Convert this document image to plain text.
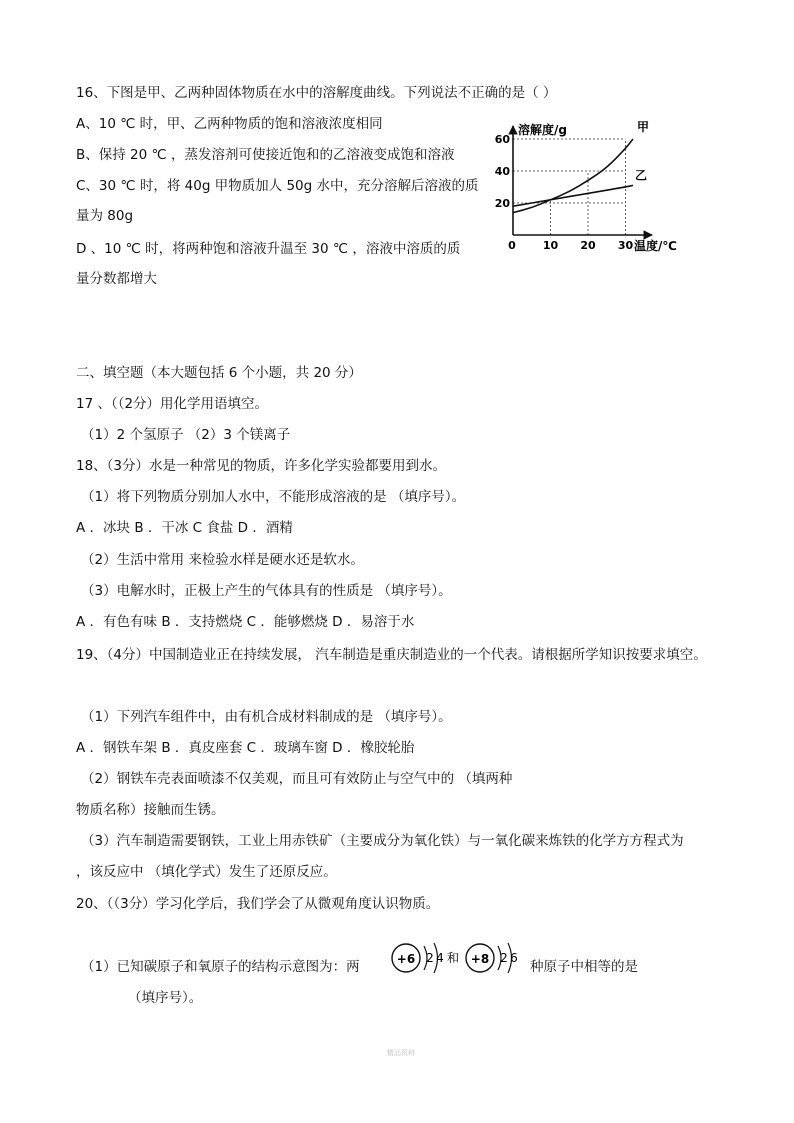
16、下图是甲、乙两种固体物质在水中的溶解度曲线。下列说法不正确的是（ ）
A、10 ℃ 时，甲、乙两种物质的饱和溶液浓度相同
B、保持 20 ℃ ，蒸发溶剂可使接近饱和的乙溶液变成饱和溶液
C、30 ℃ 时，将 40g 甲物质加人 50g 水中，充分溶解后溶液的质
量为 80g
D 、10 ℃ 时，将两种饱和溶液升温至 30 ℃ ，溶液中溶质的质
量分数都增大
溶解度/g
温度/℃
20
40
60
0 10 20 30
甲
乙
二、填空题（本大题包括 6 个小题，共 20 分）
17 、（（2分）用化学用语填空。
（1）2 个氢原子 （2）3 个镁离子
18、（3分）水是一种常见的物质，许多化学实验都要用到水。
（1）将下列物质分别加人水中，不能形成溶液的是 （填序号）。
A ．冰块 B ．干冰 C 食盐 D ．酒精
（2）生活中常用 来检验水样是硬水还是软水。
（3）电解水时，正极上产生的气体具有的性质是 （填序号）。
A ．有色有味 B ．支持燃烧 C ．能够燃烧 D ．易溶于水
19、（4分）中国制造业正在持续发展， 汽车制造是重庆制造业的一个代表。请根据所学知识按要求填空。
（1）下列汽车组件中，由有机合成材料制成的是 （填序号）。
A ．钢铁车架 B ．真皮座套 C ．玻璃车窗 D ．橡胶轮胎
（2）钢铁车壳表面喷漆不仅美观，而且可有效防止与空气中的 （填两种
物质名称）接触而生锈。
（3）汽车制造需要钢铁，工业上用赤铁矿（主要成分为氧化铁）与一氧化碳来炼铁的化学方方程式为
，该反应中 （填化学式）发生了还原反应。
20、（（3分）学习化学后，我们学会了从微观角度认识物质。
（1）已知碳原子和氧原子的结构示意图为：两	+6 2 4 和 +8 2 6
种原子中相等的是
（填序号）。
精品资料
